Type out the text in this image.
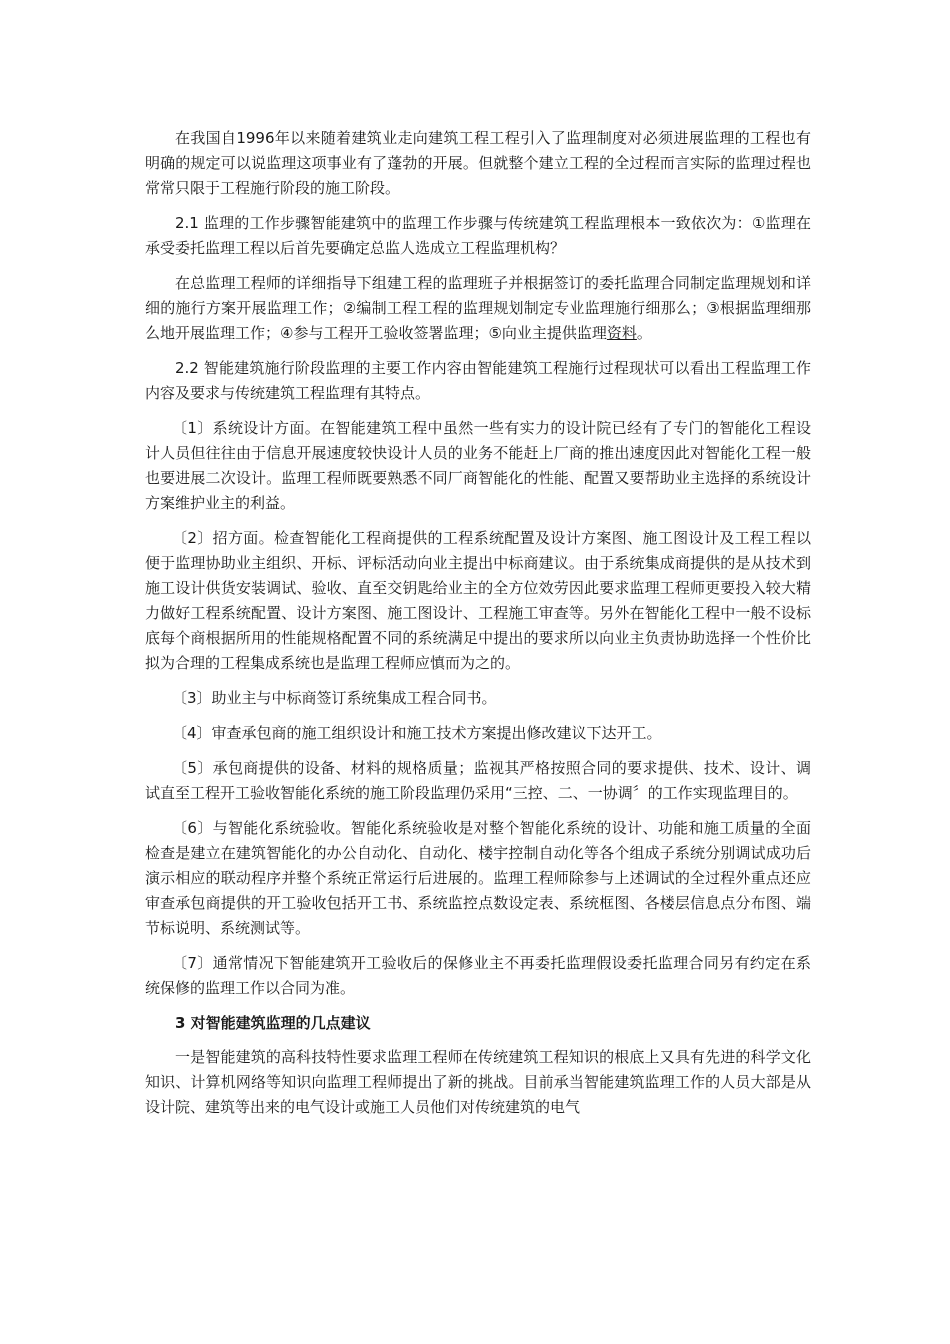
在我国自1996年以来随着建筑业走向建筑工程工程引入了监理制度对必须进展监理的工程也有明确的规定可以说监理这项事业有了蓬勃的开展。但就整个建立工程的全过程而言实际的监理过程也常常只限于工程施行阶段的施工阶段。

2.1 监理的工作步骤智能建筑中的监理工作步骤与传统建筑工程监理根本一致依次为：①监理在承受委托监理工程以后首先要确定总监人选成立工程监理机构？

在总监理工程师的详细指导下组建工程的监理班子并根据签订的委托监理合同制定监理规划和详细的施行方案开展监理工作；②编制工程工程的监理规划制定专业监理施行细那么；③根据监理细那么地开展监理工作；④参与工程开工验收签署监理；⑤向业主提供监理资料。

2.2 智能建筑施行阶段监理的主要工作内容由智能建筑工程施行过程现状可以看出工程监理工作内容及要求与传统建筑工程监理有其特点。

〔1〕系统设计方面。在智能建筑工程中虽然一些有实力的设计院已经有了专门的智能化工程设计人员但往往由于信息开展速度较快设计人员的业务不能赶上厂商的推出速度因此对智能化工程一般也要进展二次设计。监理工程师既要熟悉不同厂商智能化的性能、配置又要帮助业主选择的系统设计方案维护业主的利益。

〔2〕招方面。检查智能化工程商提供的工程系统配置及设计方案图、施工图设计及工程工程以便于监理协助业主组织、开标、评标活动向业主提出中标商建议。由于系统集成商提供的是从技术到施工设计供货安装调试、验收、直至交钥匙给业主的全方位效劳因此要求监理工程师更要投入较大精力做好工程系统配置、设计方案图、施工图设计、工程施工审查等。另外在智能化工程中一般不设标底每个商根据所用的性能规格配置不同的系统满足中提出的要求所以向业主负责协助选择一个性价比拟为合理的工程集成系统也是监理工程师应慎而为之的。

〔3〕助业主与中标商签订系统集成工程合同书。

〔4〕审查承包商的施工组织设计和施工技术方案提出修改建议下达开工。

〔5〕承包商提供的设备、材料的规格质量；监视其严格按照合同的要求提供、技术、设计、调试直至工程开工验收智能化系统的施工阶段监理仍采用“三控、二、一协调〞的工作实现监理目的。

〔6〕与智能化系统验收。智能化系统验收是对整个智能化系统的设计、功能和施工质量的全面检查是建立在建筑智能化的办公自动化、自动化、楼宇控制自动化等各个组成子系统分别调试成功后演示相应的联动程序并整个系统正常运行后进展的。监理工程师除参与上述调试的全过程外重点还应审查承包商提供的开工验收包括开工书、系统监控点数设定表、系统框图、各楼层信息点分布图、端节标说明、系统测试等。

〔7〕通常情况下智能建筑开工验收后的保修业主不再委托监理假设委托监理合同另有约定在系统保修的监理工作以合同为准。

3 对智能建筑监理的几点建议

一是智能建筑的高科技特性要求监理工程师在传统建筑工程知识的根底上又具有先进的科学文化知识、计算机网络等知识向监理工程师提出了新的挑战。目前承当智能建筑监理工作的人员大部是从设计院、建筑等出来的电气设计或施工人员他们对传统建筑的电气
